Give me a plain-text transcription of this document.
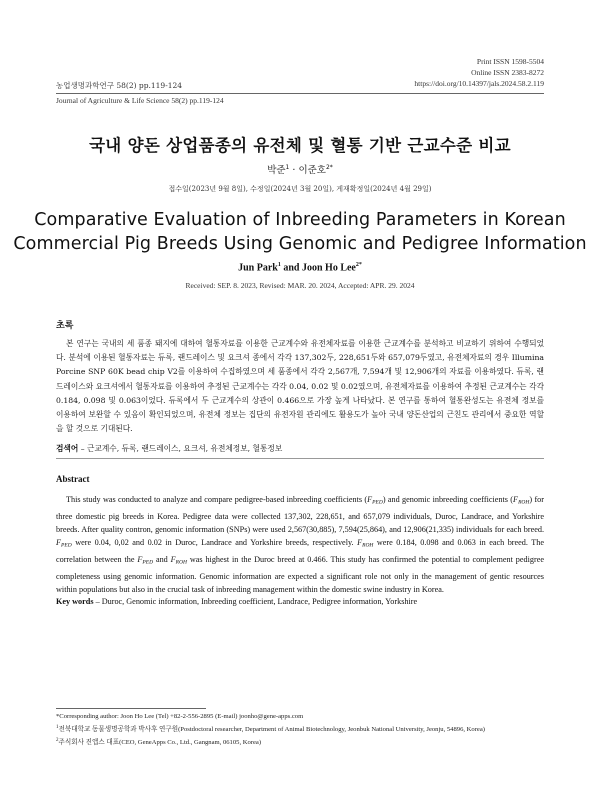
Print ISSN 1598-5504
Online ISSN 2383-8272
https://doi.org/10.14397/jals.2024.58.2.119
농업생명과학연구 58(2) pp.119-124
Journal of Agriculture & Life Science 58(2) pp.119-124
국내 양돈 상업품종의 유전체 및 혈통 기반 근교수준 비교
박준$^1$ · 이준호$^{2*}$
접수일(2023년 9월 8일), 수정일(2024년 3월 20일), 게재확정일(2024년 4월 29일)
Comparative Evaluation of Inbreeding Parameters in Korean
Commercial Pig Breeds Using Genomic and Pedigree Information
Jun Park$^1$ and Joon Ho Lee$^{2*}$
Received: SEP. 8. 2023, Revised: MAR. 20. 2024, Accepted: APR. 29. 2024
초록
본 연구는 국내의 세 품종 돼지에 대하여 혈통자료를 이용한 근교계수와 유전체자료를 이용한 근교계수를 분석하고 비교하기 위하여 수행되었다. 분석에 이용된 혈통자료는 듀록, 랜드레이스 및 요크셔 종에서 각각 137,302두, 228,651두와 657,079두였고, 유전체자료의 경우 Illumina Porcine SNP 60K bead chip V2를 이용하여 수집하였으며 세 품종에서 각각 2,567개, 7,594개 및 12,906개의 자료를 이용하였다. 듀록, 랜드레이스와 요크셔에서 혈통자료를 이용하여 추정된 근교계수는 각각 0.04, 0.02 및 0.02였으며, 유전체자료를 이용하여 추정된 근교계수는 각각 0.184, 0.098 및 0.063이었다. 듀록에서 두 근교계수의 상관이 0.466으로 가장 높게 나타났다. 본 연구를 통하여 혈통완성도는 유전체 정보를 이용하여 보완할 수 있음이 확인되었으며, 유전체 정보는 집단의 유전자원 관리에도 활용도가 높아 국내 양돈산업의 근친도 관리에서 중요한 역할을 할 것으로 기대된다.
검색어 – 근교계수, 듀록, 랜드레이스, 요크셔, 유전체정보, 혈통정보
Abstract
This study was conducted to analyze and compare pedigree-based inbreeding coefficients $(F_{PED})$ and genomic inbreeding coefficients $(F_{ROH})$ for three domestic pig breeds in Korea. Pedigree data were collected 137,302, 228,651, and 657,079 individuals, Duroc, Landrace, and Yorkshire breeds. After quality contron, genomic information (SNPs) were used 2,567(30,885), 7,594(25,864), and 12,906(21,335) individuals for each breed. $F_{PED}$ were 0.04, 0,02 and 0.02 in Duroc, Landrace and Yorkshire breeds, respectively. $F_{ROH}$ were 0.184, 0.098 and 0.063 in each breed. The correlation between the $F_{PED}$ and $F_{ROH}$ was highest in the Duroc breed at 0.466. This study has confirmed the potential to complement pedigree completeness using genomic information. Genomic information are expected a significant role not only in the management of gentic resources within populations but also in the crucial task of inbreeding management within the domestic swine industry in Korea.
Key words – Duroc, Genomic information, Inbreeding coefficient, Landrace, Pedigree information, Yorkshire
*Corresponding author: Joon Ho Lee (Tel) +82-2-556-2895 (E-mail) joonho@gene-apps.com
$^1$전북대학교 동물생명공학과 박사후 연구원(Postdoctoral researcher, Department of Animal Biotechnology, Jeonbuk National University, Jeonju, 54896, Korea)
$^2$주식회사 진앱스 대표(CEO, GeneApps Co., Ltd., Gangnam, 06105, Korea)
